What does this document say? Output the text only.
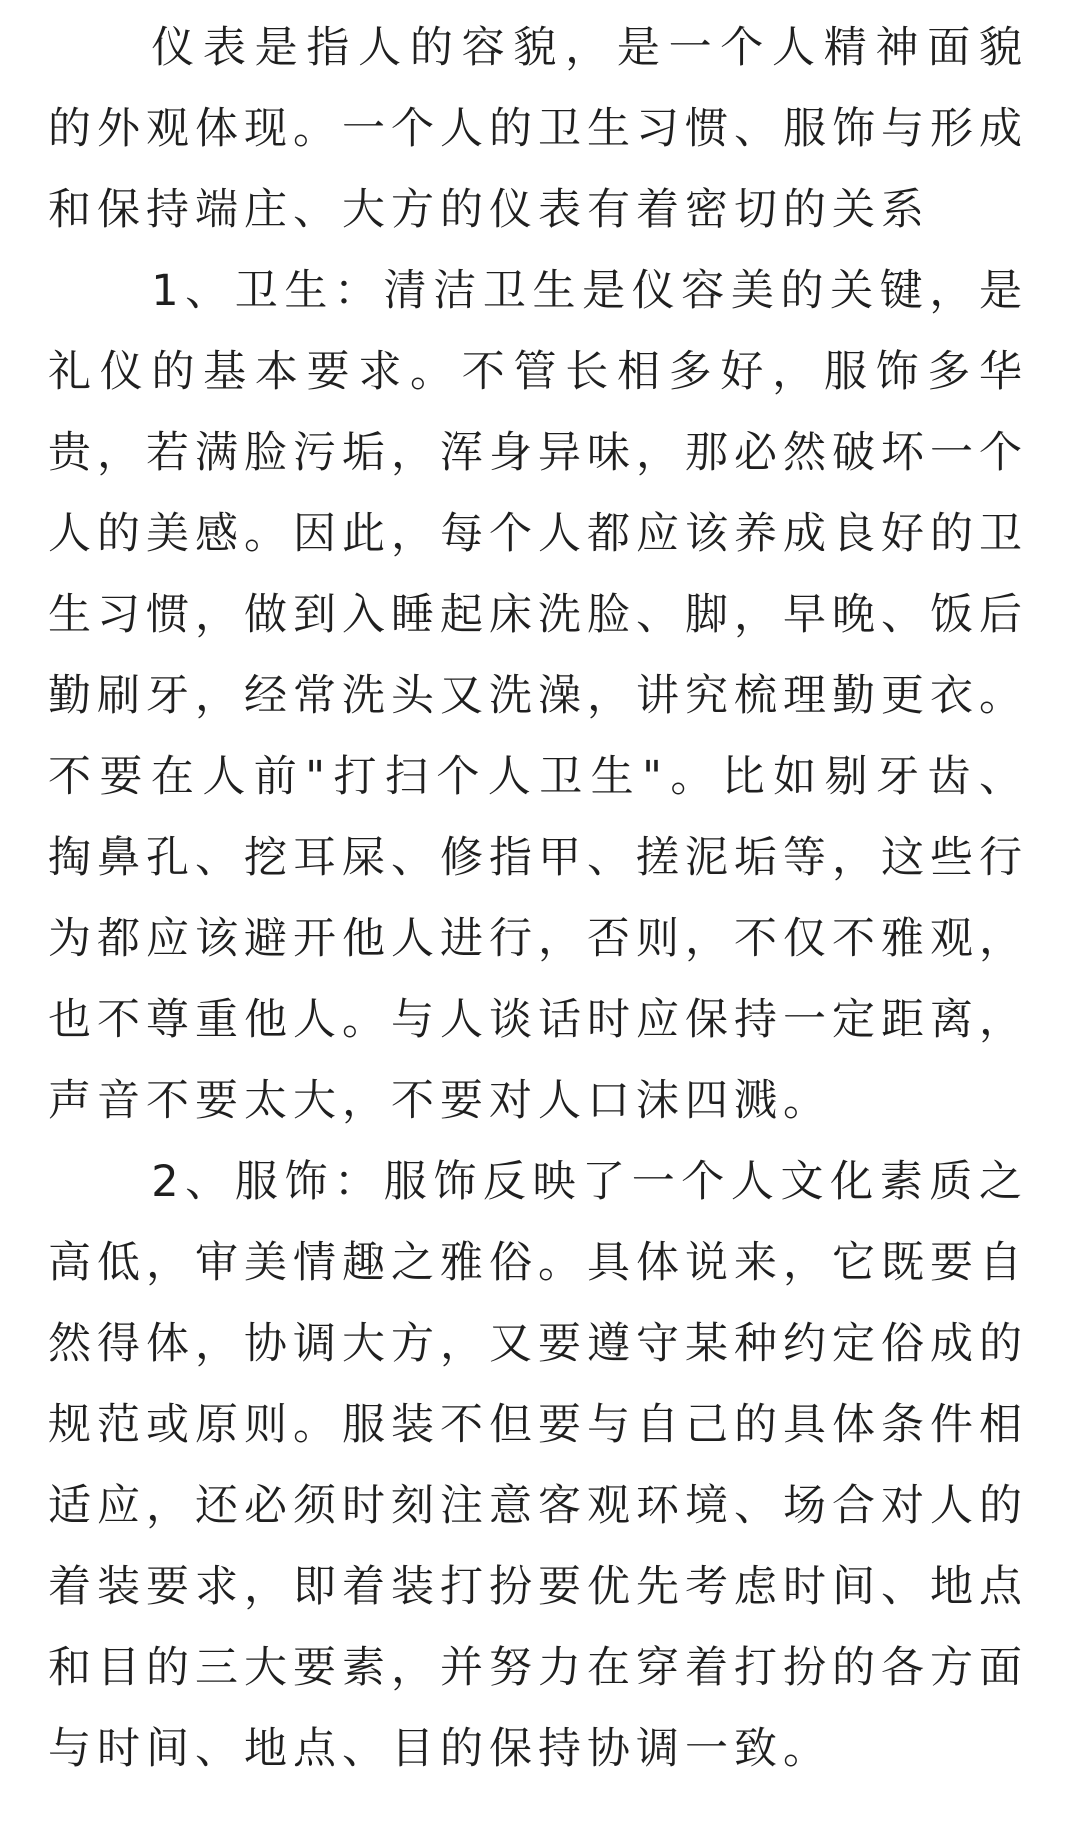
仪表是指人的容貌，是一个人精神面貌的外观体现。一个人的卫生习惯、服饰与形成和保持端庄、大方的仪表有着密切的关系

1、卫生：清洁卫生是仪容美的关键，是礼仪的基本要求。不管长相多好，服饰多华贵，若满脸污垢，浑身异味，那必然破坏一个人的美感。因此，每个人都应该养成良好的卫生习惯，做到入睡起床洗脸、脚，早晚、饭后勤刷牙，经常洗头又洗澡，讲究梳理勤更衣。不要在人前"打扫个人卫生"。比如剔牙齿、掏鼻孔、挖耳屎、修指甲、搓泥垢等，这些行为都应该避开他人进行，否则，不仅不雅观，也不尊重他人。与人谈话时应保持一定距离，声音不要太大，不要对人口沫四溅。

2、服饰：服饰反映了一个人文化素质之高低，审美情趣之雅俗。具体说来，它既要自然得体，协调大方，又要遵守某种约定俗成的规范或原则。服装不但要与自己的具体条件相适应，还必须时刻注意客观环境、场合对人的着装要求，即着装打扮要优先考虑时间、地点和目的三大要素，并努力在穿着打扮的各方面与时间、地点、目的保持协调一致。
